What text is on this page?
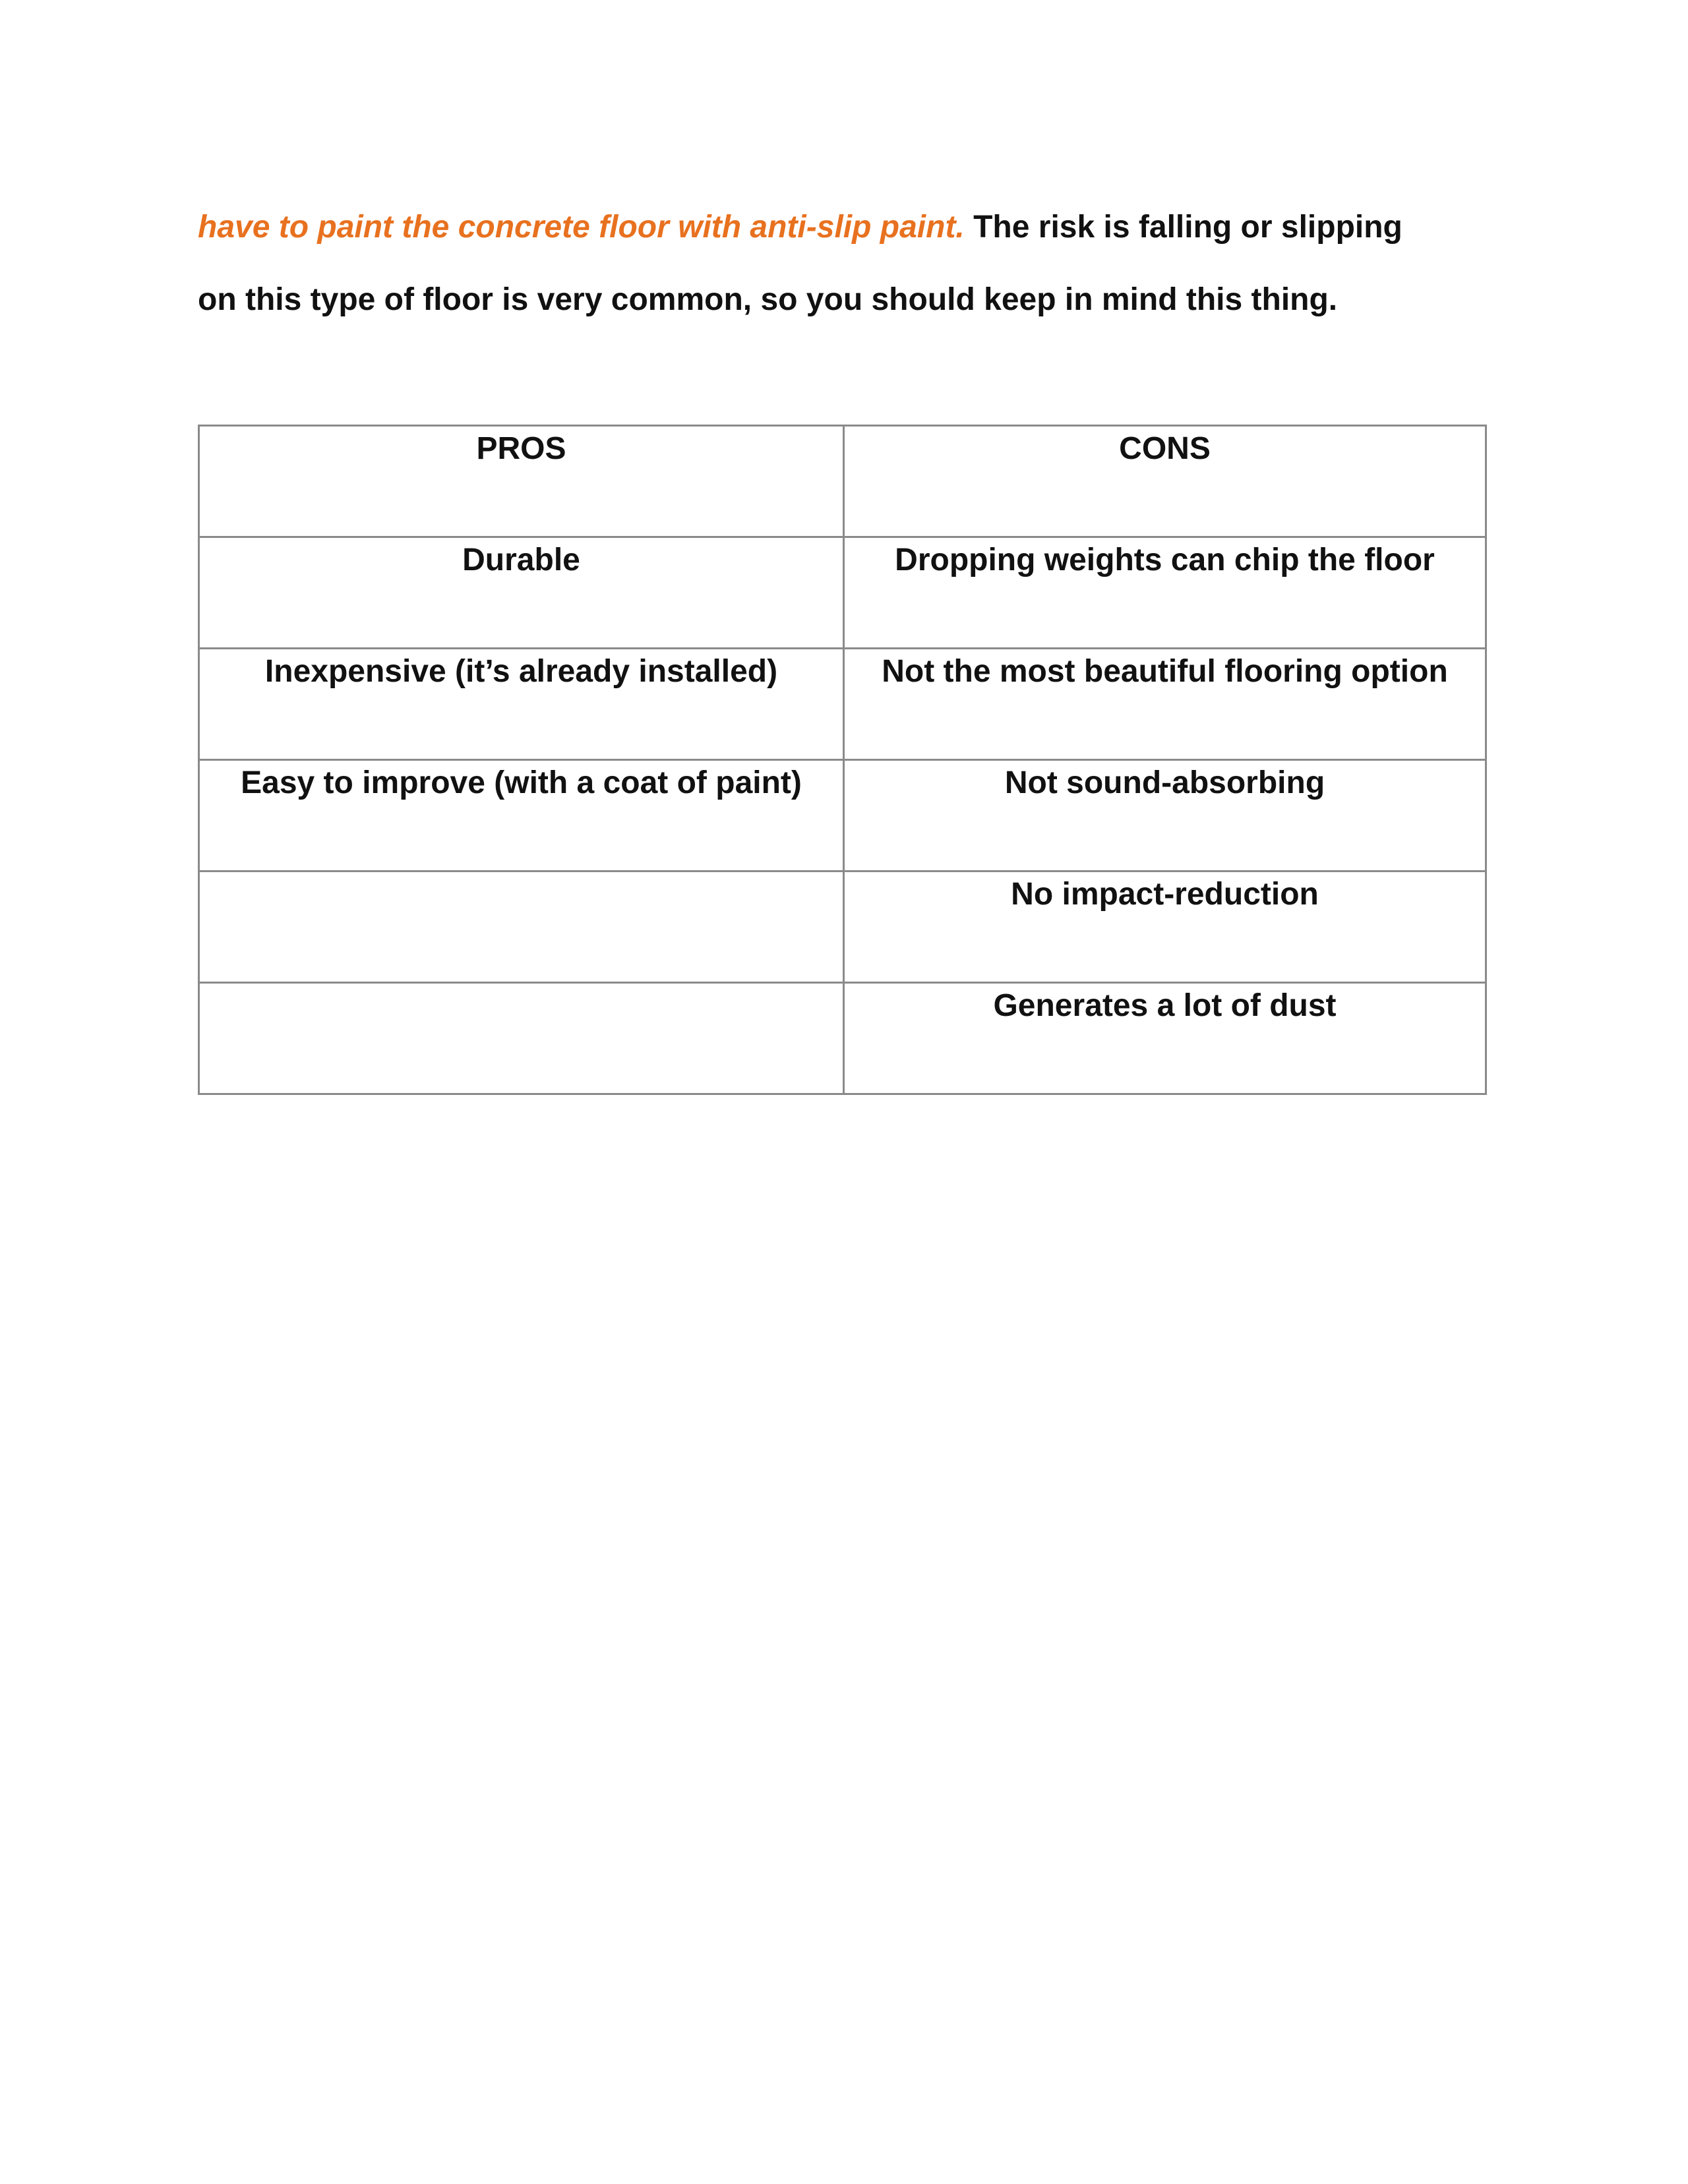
have to paint the concrete floor with anti-slip paint. The risk is falling or slipping
on this type of floor is very common, so you should keep in mind this thing.

PROS	CONS

Durable	Dropping weights can chip the floor

Inexpensive (it’s already installed)	Not the most beautiful flooring option

Easy to improve (with a coat of paint)	Not sound-absorbing

	No impact-reduction

	Generates a lot of dust
